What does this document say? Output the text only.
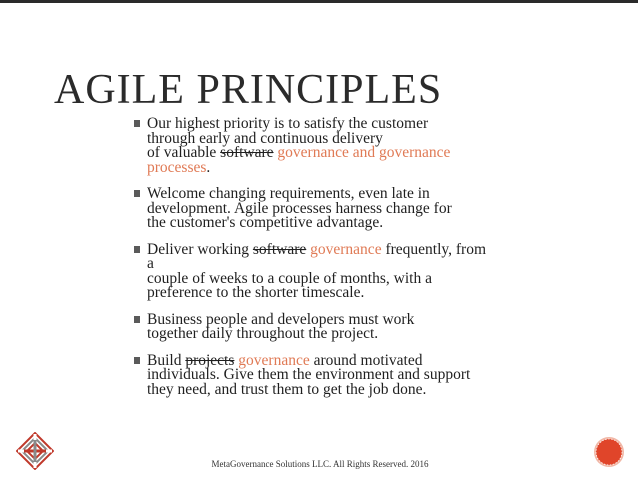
AGILE PRINCIPLES
Our highest priority is to satisfy the customer
through early and continuous delivery
of valuable software governance and governance
processes.
Welcome changing requirements, even late in
development. Agile processes harness change for
the customer's competitive advantage.
Deliver working software governance frequently, from
a
couple of weeks to a couple of months, with a
preference to the shorter timescale.
Business people and developers must work
together daily throughout the project.
Build projects governance around motivated
individuals. Give them the environment and support
they need, and trust them to get the job done.
MetaGovernance Solutions LLC. All Rights Reserved. 2016
